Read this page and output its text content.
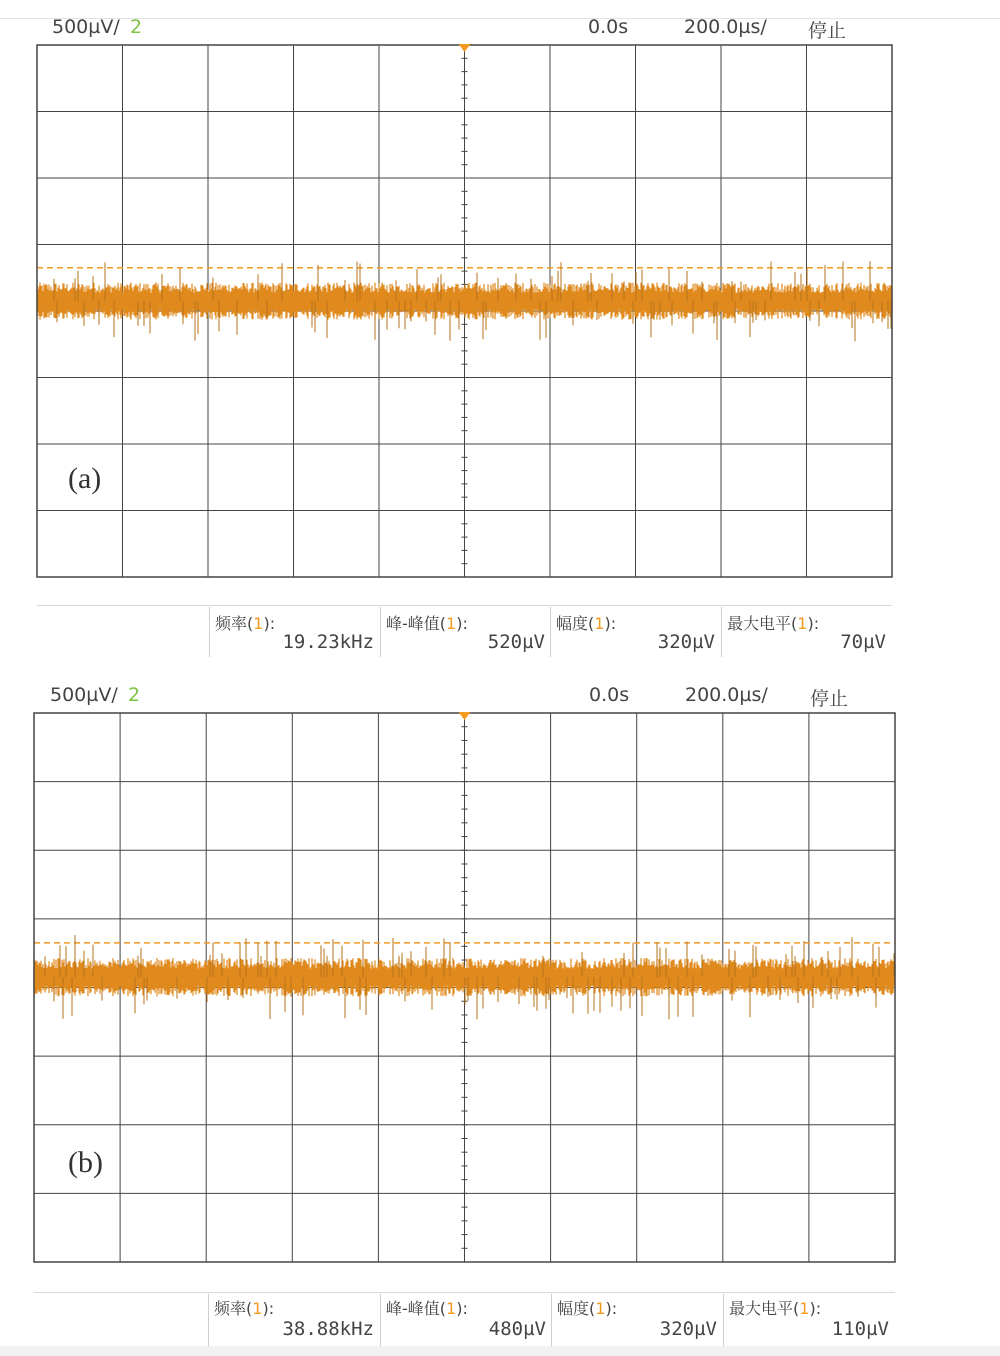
500µV/ 2	0.0s	200.0µs/ 停止
(a)
频率(1):
19.23kHz
峰-峰值(1):
520µV
幅度(1):
320µV
最大电平(1):
70µV
500µV/ 2	0.0s	200.0µs/ 停止
(b)
频率(1):
38.88kHz
峰-峰值(1):
480µV
幅度(1):
320µV
最大电平(1):
110µV
